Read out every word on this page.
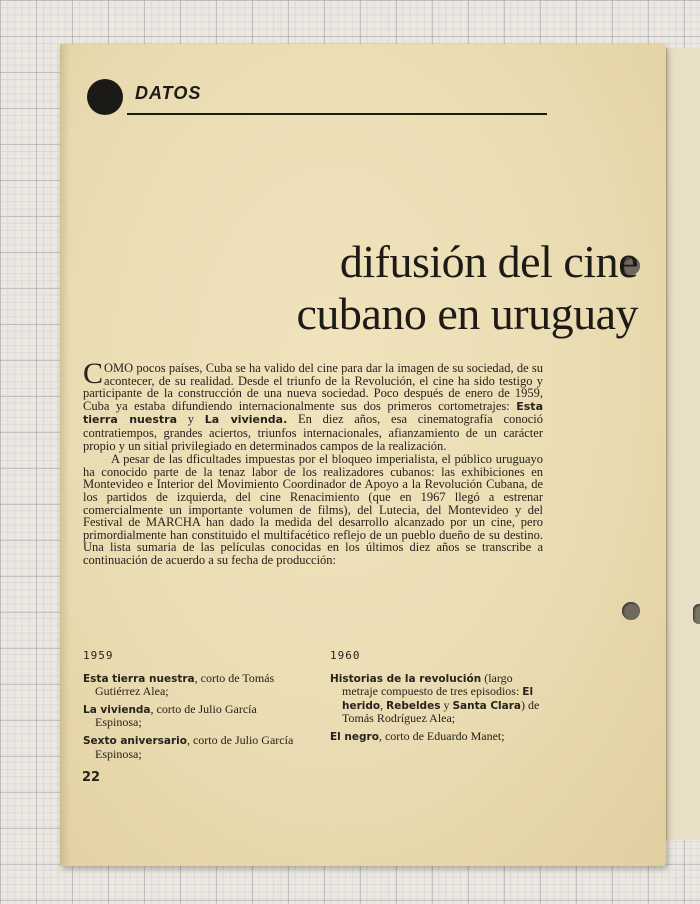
DATOS
difusión del cine
cubano en uruguay

COMO pocos países, Cuba se ha valido del cine para dar la imagen de su sociedad, de su acontecer, de su realidad. Desde el triunfo de la Revolución, el cine ha sido testigo y participante de la construcción de una nueva sociedad. Poco después de enero de 1959, Cuba ya estaba difundiendo internacionalmente sus dos primeros cortometrajes: Esta tierra nuestra y La vivienda. En diez años, esa cinematografía conoció contratiempos, grandes aciertos, triunfos internacionales, afianzamiento de un carácter propio y un sitial privilegiado en determinados campos de la realización.

A pesar de las dficultades impuestas por el bloqueo imperialista, el público uruguayo ha conocido parte de la tenaz labor de los realizadores cubanos: las exhibiciones en Montevideo e Interior del Movimiento Coordinador de Apoyo a la Revolución Cubana, de los partidos de izquierda, del cine Renacimiento (que en 1967 llegó a estrenar comercialmente un importante volumen de films), del Lutecia, del Montevideo y del Festival de MARCHA han dado la medida del desarrollo alcanzado por un cine, pero primordialmente han constituido el multifacético reflejo de un pueblo dueño de su destino. Una lista sumaria de las películas conocidas en los últimos diez años se transcribe a continuación de acuerdo a su fecha de producción:

1959
Esta tierra nuestra, corto de Tomás Gutiérrez Alea;
La vivienda, corto de Julio García Espinosa;
Sexto aniversario, corto de Julio García Espinosa;
1960
Historias de la revolución (largo metraje compuesto de tres episodios: El herido, Rebeldes y Santa Clara) de Tomás Rodríguez Alea;
El negro, corto de Eduardo Manet;
22
